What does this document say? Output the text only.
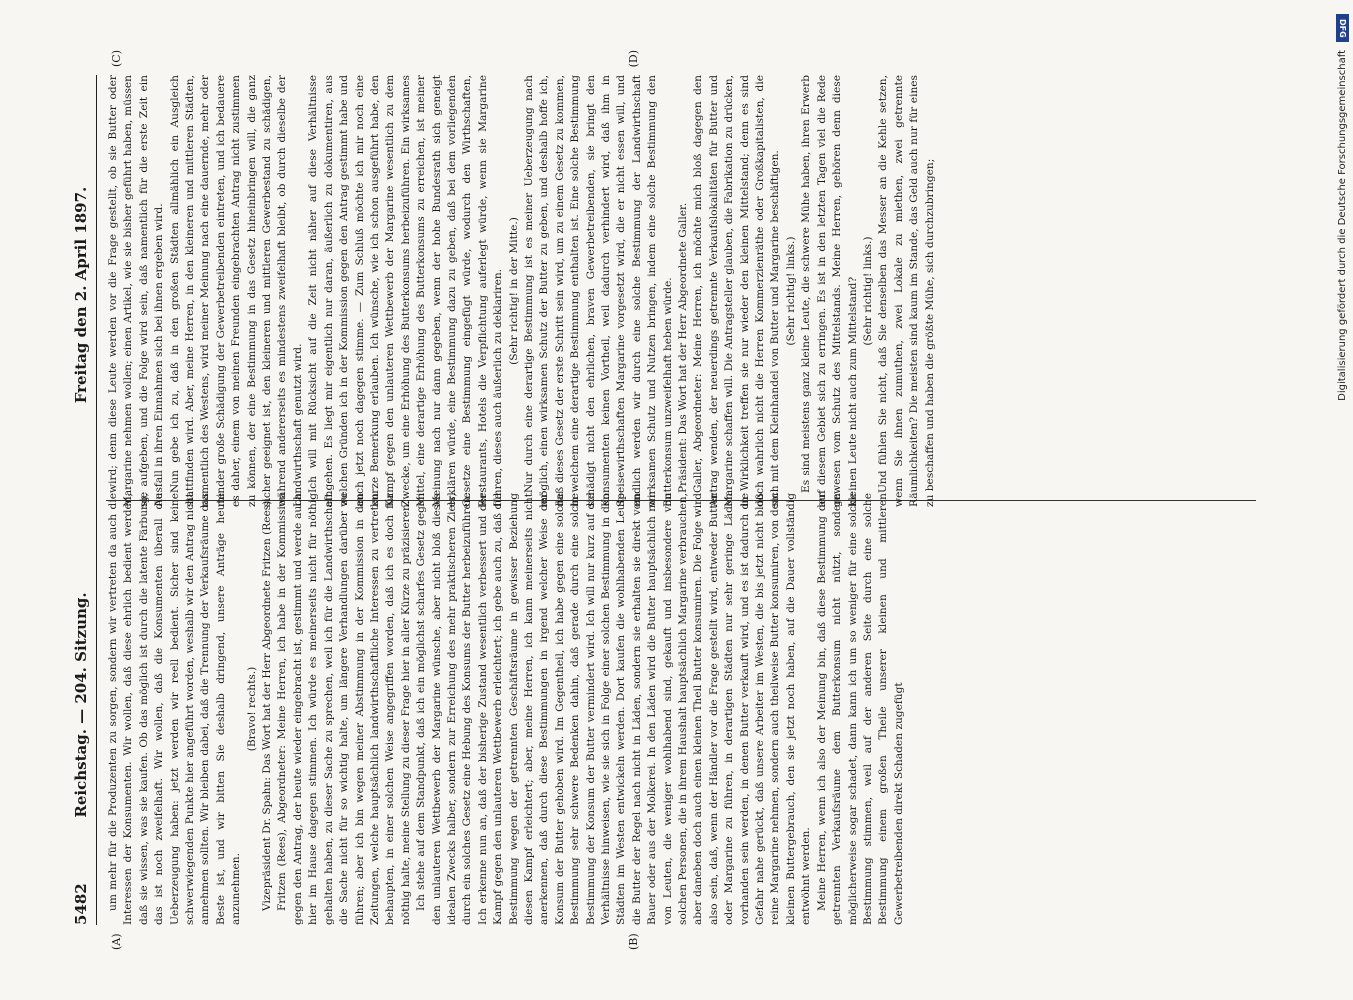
5482
Reichstag. — 204. Sitzung.
Freitag den 2. April 1897.
(A)	(B)
(C)	(D)

um mehr für die Produzenten zu sorgen, sondern wir vertreten da auch die Interessen der Konsumenten. Wir wollen, daß diese ehrlich bedient werden, daß sie wissen, was sie kaufen. Ob das möglich ist durch die latente Färbung, das ist noch zweifelhaft. Wir wollen, daß die Konsumenten überall die Ueberzeugung haben: jetzt werden wir reell bedient. Sicher sind keine schwerwiegenden Punkte hier angeführt worden, weshalb wir den Antrag nicht annehmen sollten. Wir bleiben dabei, daß die Trennung der Verkaufsräume das Beste ist, und wir bitten Sie deshalb dringend, unsere Anträge heute anzunehmen.

(Bravo! rechts.) Vizepräsident Dr. Spahn: Das Wort hat der Herr Abgeordnete Fritzen (Rees). Fritzen (Rees), Abgeordneter: Meine Herren, ich habe in der Kommission gegen den Antrag, der heute wieder eingebracht ist, gestimmt und werde auch hier im Hause dagegen stimmen. Ich würde es meinerseits nicht für nöthig gehalten haben, zu dieser Sache zu sprechen, weil ich für die Landwirthschaft die Sache nicht für so wichtig halte, um längere Verhandlungen darüber zu führen; aber ich bin wegen meiner Abstimmung in der Kommission in den Zeitungen, welche hauptsächlich landwirthschaftliche Interessen zu vertreten behaupten, in einer solchen Weise angegriffen worden, daß ich es doch für nöthig halte, meine Stellung zu dieser Frage hier in aller Kürze zu präzisieren. Ich stehe auf dem Standpunkt, daß ich ein möglichst scharfes Gesetz gegen den unlauteren Wettbewerb der Margarine wünsche, aber nicht bloß dieses idealen Zwecks halber, sondern zur Erreichung des mehr praktischeren Ziels, durch ein solches Gesetz eine Hebung des Konsums der Butter herbeizuführen. Ich erkenne nun an, daß der bisherige Zustand wesentlich verbessert und der Kampf gegen den unlauteren Wettbewerb erleichtert; ich gebe auch zu, daß die Bestimmung wegen der getrennten Geschäftsräume in gewisser Beziehung diesen Kampf erleichtert; aber, meine Herren, ich kann meinerseits nicht anerkennen, daß durch diese Bestimmungen in irgend welcher Weise der Konsum der Butter gehoben wird. Im Gegentheil, ich habe gegen eine solche Bestimmung sehr schwere Bedenken dahin, daß gerade durch eine solche Bestimmung der Konsum der Butter vermindert wird. Ich will nur kurz auf die Verhältnisse hinweisen, wie sie sich in Folge einer solchen Bestimmung in den Städten im Westen entwickeln werden. Dort kaufen die wohlhabenden Leute die Butter der Regel nach nicht in Läden, sondern sie erhalten sie direkt vom Bauer oder aus der Molkerei. In den Läden wird die Butter hauptsächlich nur von Leuten, die weniger wohlhabend sind, gekauft und insbesondere von solchen Personen, die in ihrem Haushalt hauptsächlich Margarine verbrauchen, aber daneben doch auch einen kleinen Theil Butter konsumiren. Die Folge wird also sein, daß, wenn der Händler vor die Frage gestellt wird, entweder Butter oder Margarine zu führen, in derartigen Städten nur sehr geringe Läden vorhanden sein werden, in denen Butter verkauft wird, und es ist dadurch die Gefahr nahe gerückt, daß unsere Arbeiter im Westen, die bis jetzt nicht bloß reine Margarine nehmen, sondern auch theilweise Butter konsumiren, von dem kleinen Buttergebrauch, den sie jetzt noch haben, auf die Dauer vollständig entwöhnt werden. Meine Herren, wenn ich also der Meinung bin, daß diese Bestimmung der getrennten Verkaufsräume dem Butterkonsum nicht nützt, sondern möglicherweise sogar schadet, dann kann ich um so weniger für eine solche Bestimmung stimmen, weil auf der anderen Seite durch eine solche Bestimmung einem großen Theile unserer kleinen und mittleren Gewerbetreibenden direkt Schaden zugefügt

wird; denn diese Leute werden vor die Frage gestellt, ob sie Butter oder Margarine nehmen wollen; einen Artikel, wie sie bisher geführt haben, müssen sie aufgeben, und die Folge wird sein, daß namentlich für die erste Zeit ein Ausfall in ihren Einnahmen sich bei ihnen ergeben wird. Nun gebe ich zu, daß in den großen Städten allmählich ein Ausgleich stattfinden wird. Aber, meine Herren, in den kleineren und mittleren Städten, namentlich des Westens, wird meiner Meinung nach eine dauernde, mehr oder minder große Schädigung der Gewerbetreibenden eintreten, und ich bedauere es daher, einem von meinen Freunden eingebrachten Antrag nicht zustimmen zu können, der eine Bestimmung in das Gesetz hineinbringen will, die ganz sicher geeignet ist, den kleineren und mittleren Gewerbestand zu schädigen, während andererseits es mindestens zweifelhaft bleibt, ob durch dieselbe der Landwirthschaft genutzt wird. Ich will mit Rücksicht auf die Zeit nicht näher auf diese Verhältnisse eingehen. Es liegt mir eigentlich nur daran, äußerlich zu dokumentiren, aus welchen Gründen ich in der Kommission gegen den Antrag gestimmt habe und auch jetzt noch dagegen stimme. — Zum Schluß möchte ich mir noch eine kurze Bemerkung erlauben. Ich wünsche, wie ich schon ausgeführt habe, den Kampf gegen den unlauteren Wettbewerb der Margarine wesentlich zu dem Zwecke, um eine Erhöhung des Butterkonsums herbeizuführen. Ein wirksames Mittel, eine derartige Erhöhung des Butterkonsums zu erreichen, ist meiner Meinung nach nur dann gegeben, wenn der hohe Bundesrath sich geneigt erklären würde, eine Bestimmung dazu zu geben, daß bei dem vorliegenden Gesetze eine Bestimmung eingefügt würde, wodurch den Wirthschaften, Restaurants, Hotels die Verpflichtung auferlegt würde, wenn sie Margarine führen, dieses auch äußerlich zu deklariren. (Sehr richtig! in der Mitte.) Nur durch eine derartige Bestimmung ist es meiner Ueberzeugung nach möglich, einen wirksamen Schutz der Butter zu geben, und deshalb hoffe ich, daß dieses Gesetz der erste Schritt sein wird, um zu einem Gesetz zu kommen, in welchem eine derartige Bestimmung enthalten ist. Eine solche Bestimmung schädigt nicht den ehrlichen, braven Gewerbetreibenden, sie bringt den Konsumenten keinen Vortheil, weil dadurch verhindert wird, daß ihm in Speisewirthschaften Margarine vorgesetzt wird, die er nicht essen will, und endlich werden wir durch eine solche Bestimmung der Landwirthschaft wirksamen Schutz und Nutzen bringen, indem eine solche Bestimmung den Butterkonsum unzweifelhaft heben würde. Präsident: Das Wort hat der Herr Abgeordnete Galler. Galler, Abgeordneter: Meine Herren, ich möchte mich bloß dagegen den Antrag wenden, der neuerdings getrennte Verkaufslokalitäten für Butter und Margarine schaffen will. Die Antragsteller glauben, die Fabrikation zu drücken, in Wirklichkeit treffen sie nur wieder den kleinen Mittelstand; denn es sind doch wahrlich nicht die Herren Kommerzienräthe oder Großkapitalisten, die sich mit dem Kleinhandel von Butter und Margarine beschäftigen. (Sehr richtig! links.) Es sind meistens ganz kleine Leute, die schwere Mühe haben, ihren Erwerb auf diesem Gebiet sich zu erringen. Es ist in den letzten Tagen viel die Rede gewesen vom Schutz des Mittelstands. Meine Herren, gehören denn diese kleinen Leute nicht auch zum Mittelstand? (Sehr richtig! links.) Und fühlen Sie nicht, daß Sie denselben das Messer an die Kehle setzen, wenn Sie ihnen zumuthen, zwei Lokale zu miethen, zwei getrennte Räumlichkeiten? Die meisten sind kaum im Stande, das Geld auch nur für eines zu beschaffen und haben die größte Mühe, sich durchzubringen;

DFG
Digitalisierung gefördert durch die Deutsche Forschungsgemeinschaft
